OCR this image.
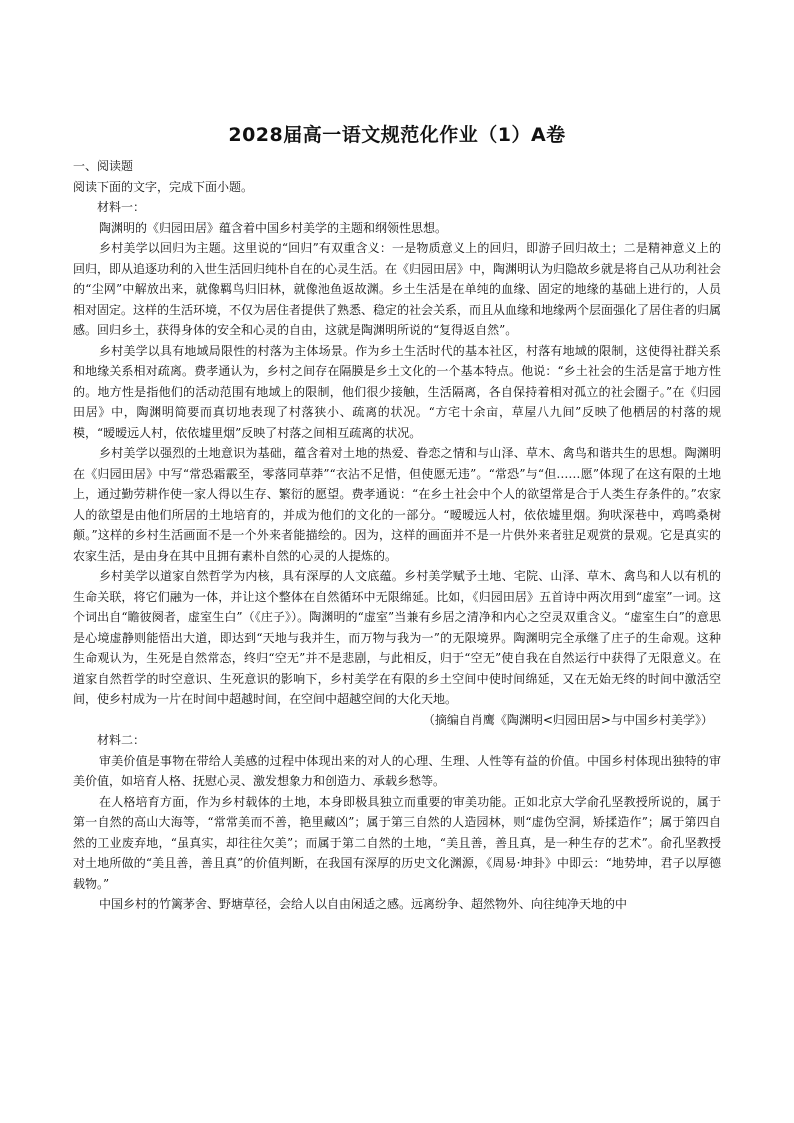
2028届高一语文规范化作业（1）A卷

一、阅读题

阅读下面的文字，完成下面小题。

材料一：

陶渊明的《归园田居》蕴含着中国乡村美学的主题和纲领性思想。

乡村美学以回归为主题。这里说的“回归”有双重含义：一是物质意义上的回归，即游子回归故土；二是精神意义上的回归，即从追逐功利的入世生活回归纯朴自在的心灵生活。在《归园田居》中，陶渊明认为归隐故乡就是将自己从功利社会的“尘网”中解放出来，就像羁鸟归旧林，就像池鱼返故渊。乡土生活是在单纯的血缘、固定的地缘的基础上进行的，人员相对固定。这样的生活环境，不仅为居住者提供了熟悉、稳定的社会关系，而且从血缘和地缘两个层面强化了居住者的归属感。回归乡土，获得身体的安全和心灵的自由，这就是陶渊明所说的“复得返自然”。

乡村美学以具有地域局限性的村落为主体场景。作为乡土生活时代的基本社区，村落有地域的限制，这使得社群关系和地缘关系相对疏离。费孝通认为，乡村之间存在隔膜是乡土文化的一个基本特点。他说：“乡土社会的生活是富于地方性的。地方性是指他们的活动范围有地域上的限制，他们很少接触，生活隔离，各自保持着相对孤立的社会圈子。”在《归园田居》中，陶渊明简要而真切地表现了村落狭小、疏离的状况。“方宅十余亩，草屋八九间”反映了他栖居的村落的规模，“暧暧远人村，依依墟里烟”反映了村落之间相互疏离的状况。

乡村美学以强烈的土地意识为基础，蕴含着对土地的热爱、眷恋之情和与山泽、草木、禽鸟和谐共生的思想。陶渊明在《归园田居》中写“常恐霜霰至，零落同草莽”“衣沾不足惜，但使愿无违”。“常恐”与“但……愿”体现了在这有限的土地上，通过勤劳耕作使一家人得以生存、繁衍的愿望。费孝通说：“在乡土社会中个人的欲望常是合于人类生存条件的。”农家人的欲望是由他们所居的土地培育的，并成为他们的文化的一部分。“暧暧远人村，依依墟里烟。狗吠深巷中，鸡鸣桑树颠。”这样的乡村生活画面不是一个外来者能描绘的。因为，这样的画面并不是一片供外来者驻足观赏的景观。它是真实的农家生活，是由身在其中且拥有素朴自然的心灵的人提炼的。

乡村美学以道家自然哲学为内核，具有深厚的人文底蕴。乡村美学赋予土地、宅院、山泽、草木、禽鸟和人以有机的生命关联，将它们融为一体，并让这个整体在自然循环中无限绵延。比如，《归园田居》五首诗中两次用到“虚室”一词。这个词出自“瞻彼阕者，虚室生白”（《庄子》）。陶渊明的“虚室”当兼有乡居之清净和内心之空灵双重含义。“虚室生白”的意思是心境虚静则能悟出大道，即达到“天地与我并生，而万物与我为一”的无限境界。陶渊明完全承继了庄子的生命观。这种生命观认为，生死是自然常态，终归“空无”并不是悲剧，与此相反，归于“空无”使自我在自然运行中获得了无限意义。在道家自然哲学的时空意识、生死意识的影响下，乡村美学在有限的乡土空间中使时间绵延，又在无始无终的时间中激活空间，使乡村成为一片在时间中超越时间，在空间中超越空间的大化天地。

（摘编自肖鹰《陶渊明<归园田居>与中国乡村美学》）

材料二：

审美价值是事物在带给人美感的过程中体现出来的对人的心理、生理、人性等有益的价值。中国乡村体现出独特的审美价值，如培育人格、抚慰心灵、激发想象力和创造力、承载乡愁等。

在人格培育方面，作为乡村载体的土地，本身即极具独立而重要的审美功能。正如北京大学俞孔坚教授所说的，属于第一自然的高山大海等，“常常美而不善，艳里藏凶”；属于第三自然的人造园林，则“虚伪空洞，矫揉造作”；属于第四自然的工业废弃地，“虽真实，却往往欠美”；而属于第二自然的土地，“美且善，善且真，是一种生存的艺术”。俞孔坚教授对土地所做的“美且善，善且真”的价值判断，在我国有深厚的历史文化渊源，《周易·坤卦》中即云：“地势坤，君子以厚德载物。”

中国乡村的竹篱茅舍、野塘草径，会给人以自由闲适之感。远离纷争、超然物外、向往纯净天地的中
